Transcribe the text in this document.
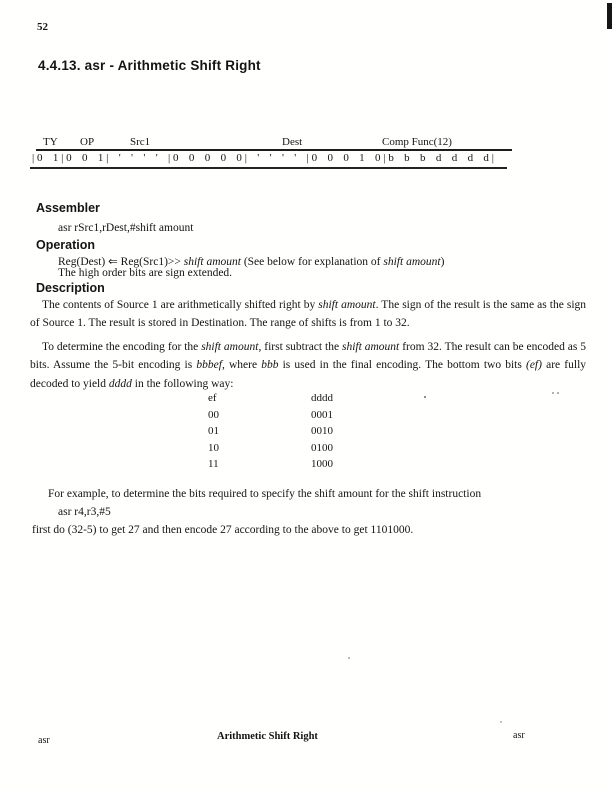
52
4.4.13. asr - Arithmetic Shift Right
TY OP	Src1	Dest	Comp Func(12)
|0 1|0 0 1| ' ' ' ' |0 0 0 0 0| ' ' ' ' |0 0 0 1 0|b b b d d d d|
Assembler
asr rSrc1,rDest,#shift amount
Operation
Reg(Dest) ⇐ Reg(Src1)>> shift amount (See below for explanation of shift amount)
The high order bits are sign extended.
Description
The contents of Source 1 are arithmetically shifted right by shift amount. The sign of the result is the same as the sign of Source 1. The result is stored in Destination. The range of shifts is from 1 to 32.
To determine the encoding for the shift amount, first subtract the shift amount from 32. The result can be encoded as 5 bits. Assume the 5-bit encoding is bbbef, where bbb is used in the final encoding. The bottom two bits (ef) are fully decoded to yield dddd in the following way:
ef	dddd
00	0001
01	0010
10	0100
11	1000
For example, to determine the bits required to specify the shift amount for the shift instruction
asr r4,r3,#5
first do (32-5) to get 27 and then encode 27 according to the above to get 1101000.
asr	Arithmetic Shift Right	asr
